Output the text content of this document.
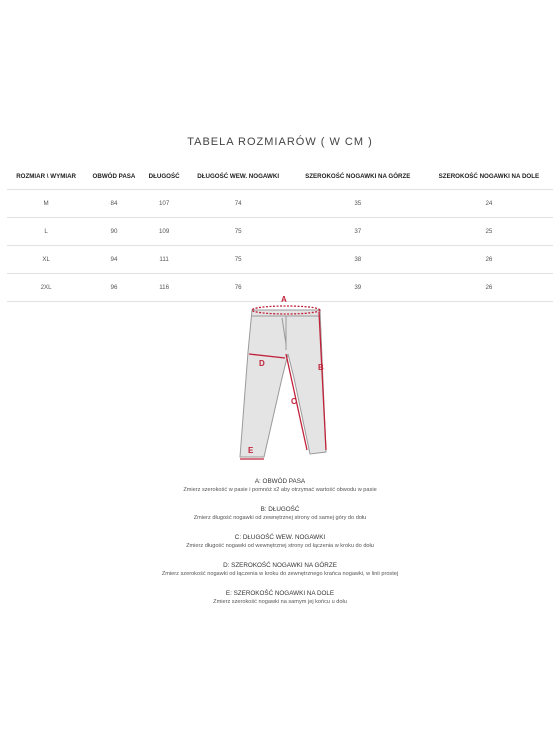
TABELA ROZMIARÓW ( W CM )
ROZMIAR \ WYMIAR	OBWÓD PASA	DŁUGOŚĆ	DŁUGOŚĆ WEW. NOGAWKI	SZEROKOŚĆ NOGAWKI NA GÓRZE	SZEROKOŚĆ NOGAWKI NA DOLE
M	84	107	74	35	24
L	90	109	75	37	25
XL	94	111	75	38	26
2XL	96	116	76	39	26
A
B
C
D
E
A: OBWÓD PASA
Zmierz szerokość w pasie i pomnóż x2 aby otrzymać wartość obwodu w pasie
B: DŁUGOŚĆ
Zmierz długość nogawki od zewnętrznej strony od samej góry do dołu
C: DŁUGOŚĆ WEW. NOGAWKI
Zmierz długość nogawki od wewnętrznej strony od łączenia w kroku do dołu
D: SZEROKOŚĆ NOGAWKI NA GÓRZE
Zmierz szerokość nogawki od łączenia w kroku do zewnętrznego krańca nogawki, w linii prostej
E: SZEROKOŚĆ NOGAWKI NA DOLE
Zmierz szerokość nogawki na samym jej końcu u dołu
